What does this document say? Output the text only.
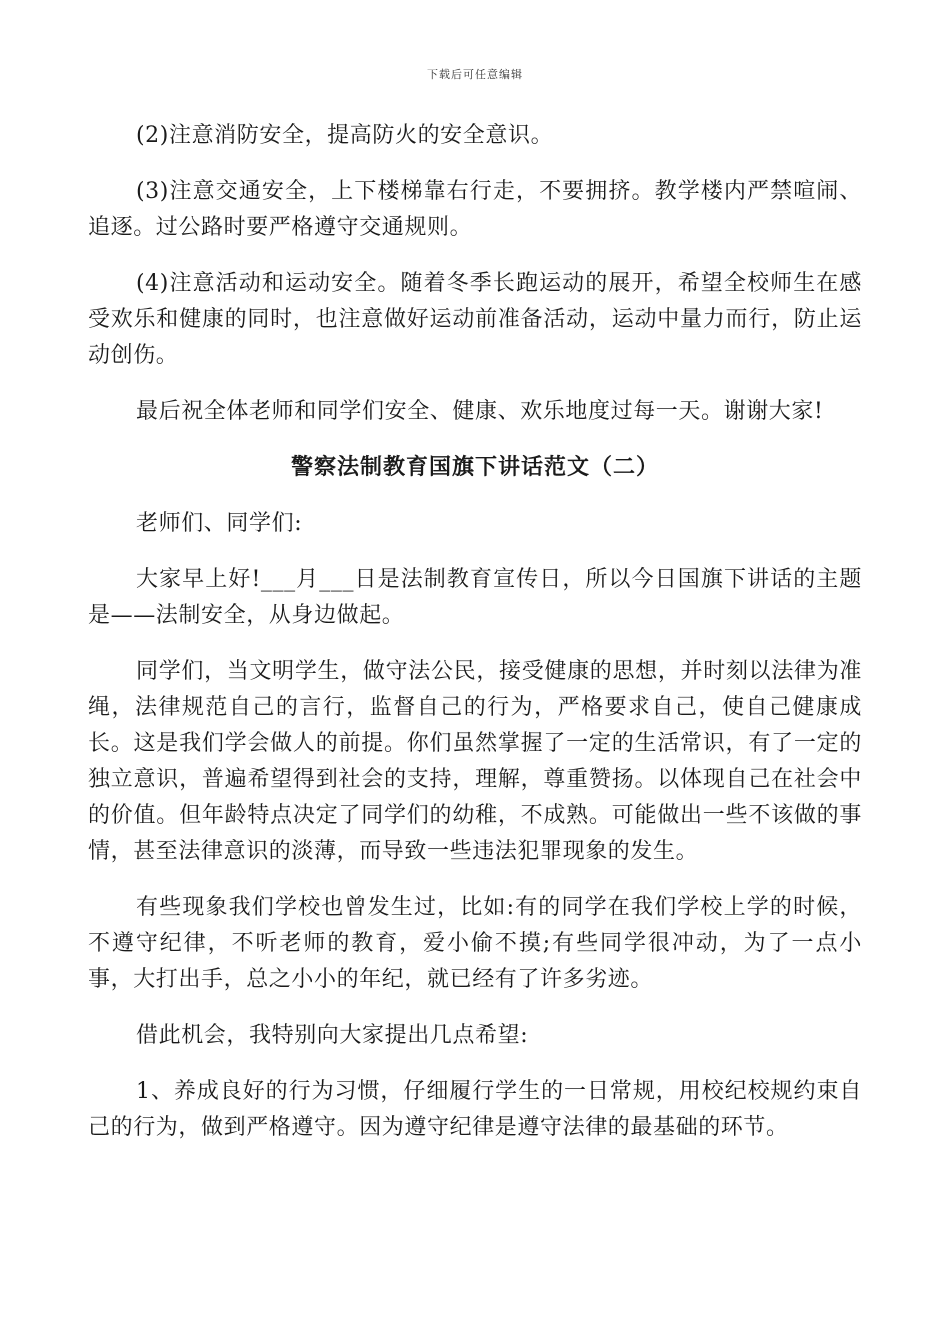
下载后可任意编辑

(2)注意消防安全，提高防火的安全意识。

(3)注意交通安全，上下楼梯靠右行走，不要拥挤。教学楼内严禁喧闹、追逐。过公路时要严格遵守交通规则。

(4)注意活动和运动安全。随着冬季长跑运动的展开，希望全校师生在感受欢乐和健康的同时，也注意做好运动前准备活动，运动中量力而行，防止运动创伤。

最后祝全体老师和同学们安全、健康、欢乐地度过每一天。谢谢大家!

警察法制教育国旗下讲话范文（二）

老师们、同学们:

大家早上好!___月___日是法制教育宣传日，所以今日国旗下讲话的主题是——法制安全，从身边做起。

同学们，当文明学生，做守法公民，接受健康的思想，并时刻以法律为准绳，法律规范自己的言行，监督自己的行为，严格要求自己，使自己健康成长。这是我们学会做人的前提。你们虽然掌握了一定的生活常识，有了一定的独立意识，普遍希望得到社会的支持，理解，尊重赞扬。以体现自己在社会中的价值。但年龄特点决定了同学们的幼稚，不成熟。可能做出一些不该做的事情，甚至法律意识的淡薄，而导致一些违法犯罪现象的发生。

有些现象我们学校也曾发生过，比如:有的同学在我们学校上学的时候，不遵守纪律，不听老师的教育，爱小偷不摸;有些同学很冲动，为了一点小事，大打出手，总之小小的年纪，就已经有了许多劣迹。

借此机会，我特别向大家提出几点希望:

1、养成良好的行为习惯，仔细履行学生的一日常规，用校纪校规约束自己的行为，做到严格遵守。因为遵守纪律是遵守法律的最基础的环节。
